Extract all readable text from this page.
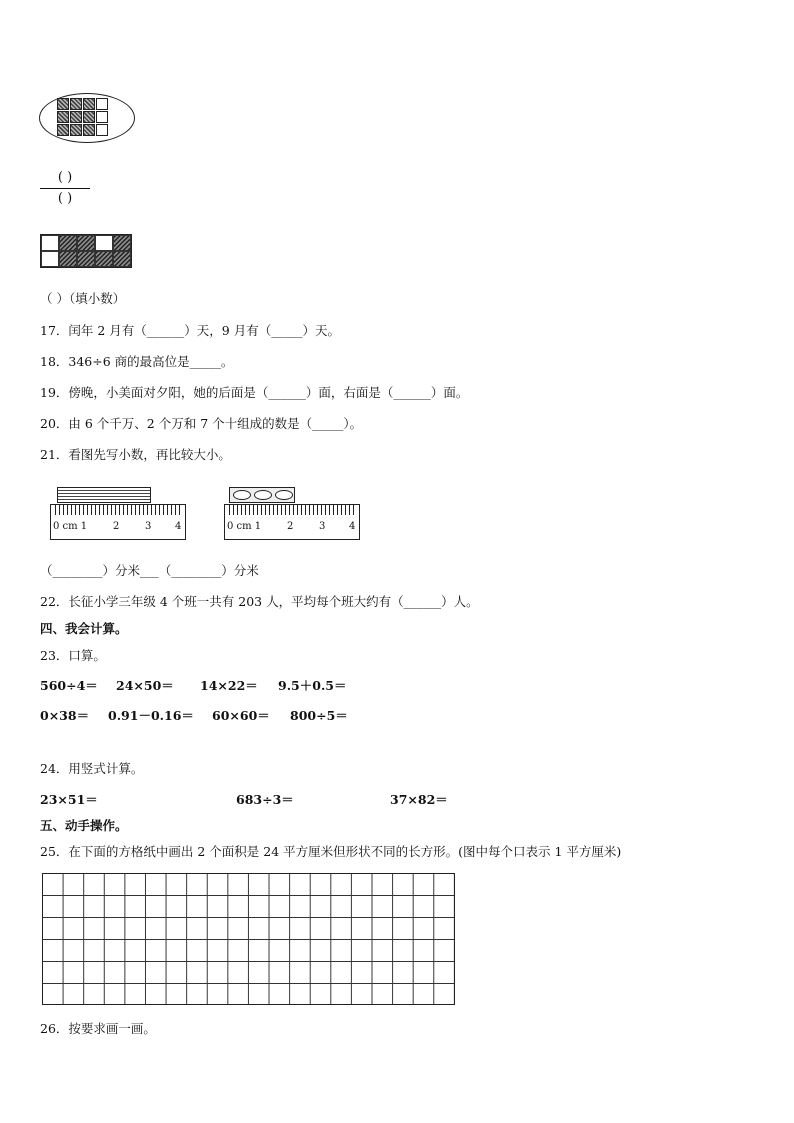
( )
( )
（ ）（填小数）
17．闰年 2 月有（______）天，9 月有（_____）天。
18．346÷6 商的最高位是_____。
19．傍晚，小美面对夕阳，她的后面是（______）面，右面是（______）面。
20．由 6 个千万、2 个万和 7 个十组成的数是（_____）。
21．看图先写小数，再比较大小。
0 cm 1	2	3 4	0 cm 1	2	3 4
（________）分米___（________）分米
22．长征小学三年级 4 个班一共有 203 人，平均每个班大约有（______）人。
四、我会计算。
23．口算。
560÷4＝ 24×50＝ 14×22＝ 9.5＋0.5＝
0×38＝ 0.91－0.16＝ 60×60＝ 800÷5＝
24．用竖式计算。
23×51＝	683÷3＝	37×82＝
五、动手操作。
25．在下面的方格纸中画出 2 个面积是 24 平方厘米但形状不同的长方形。(图中每个口表示 1 平方厘米)
26．按要求画一画。
